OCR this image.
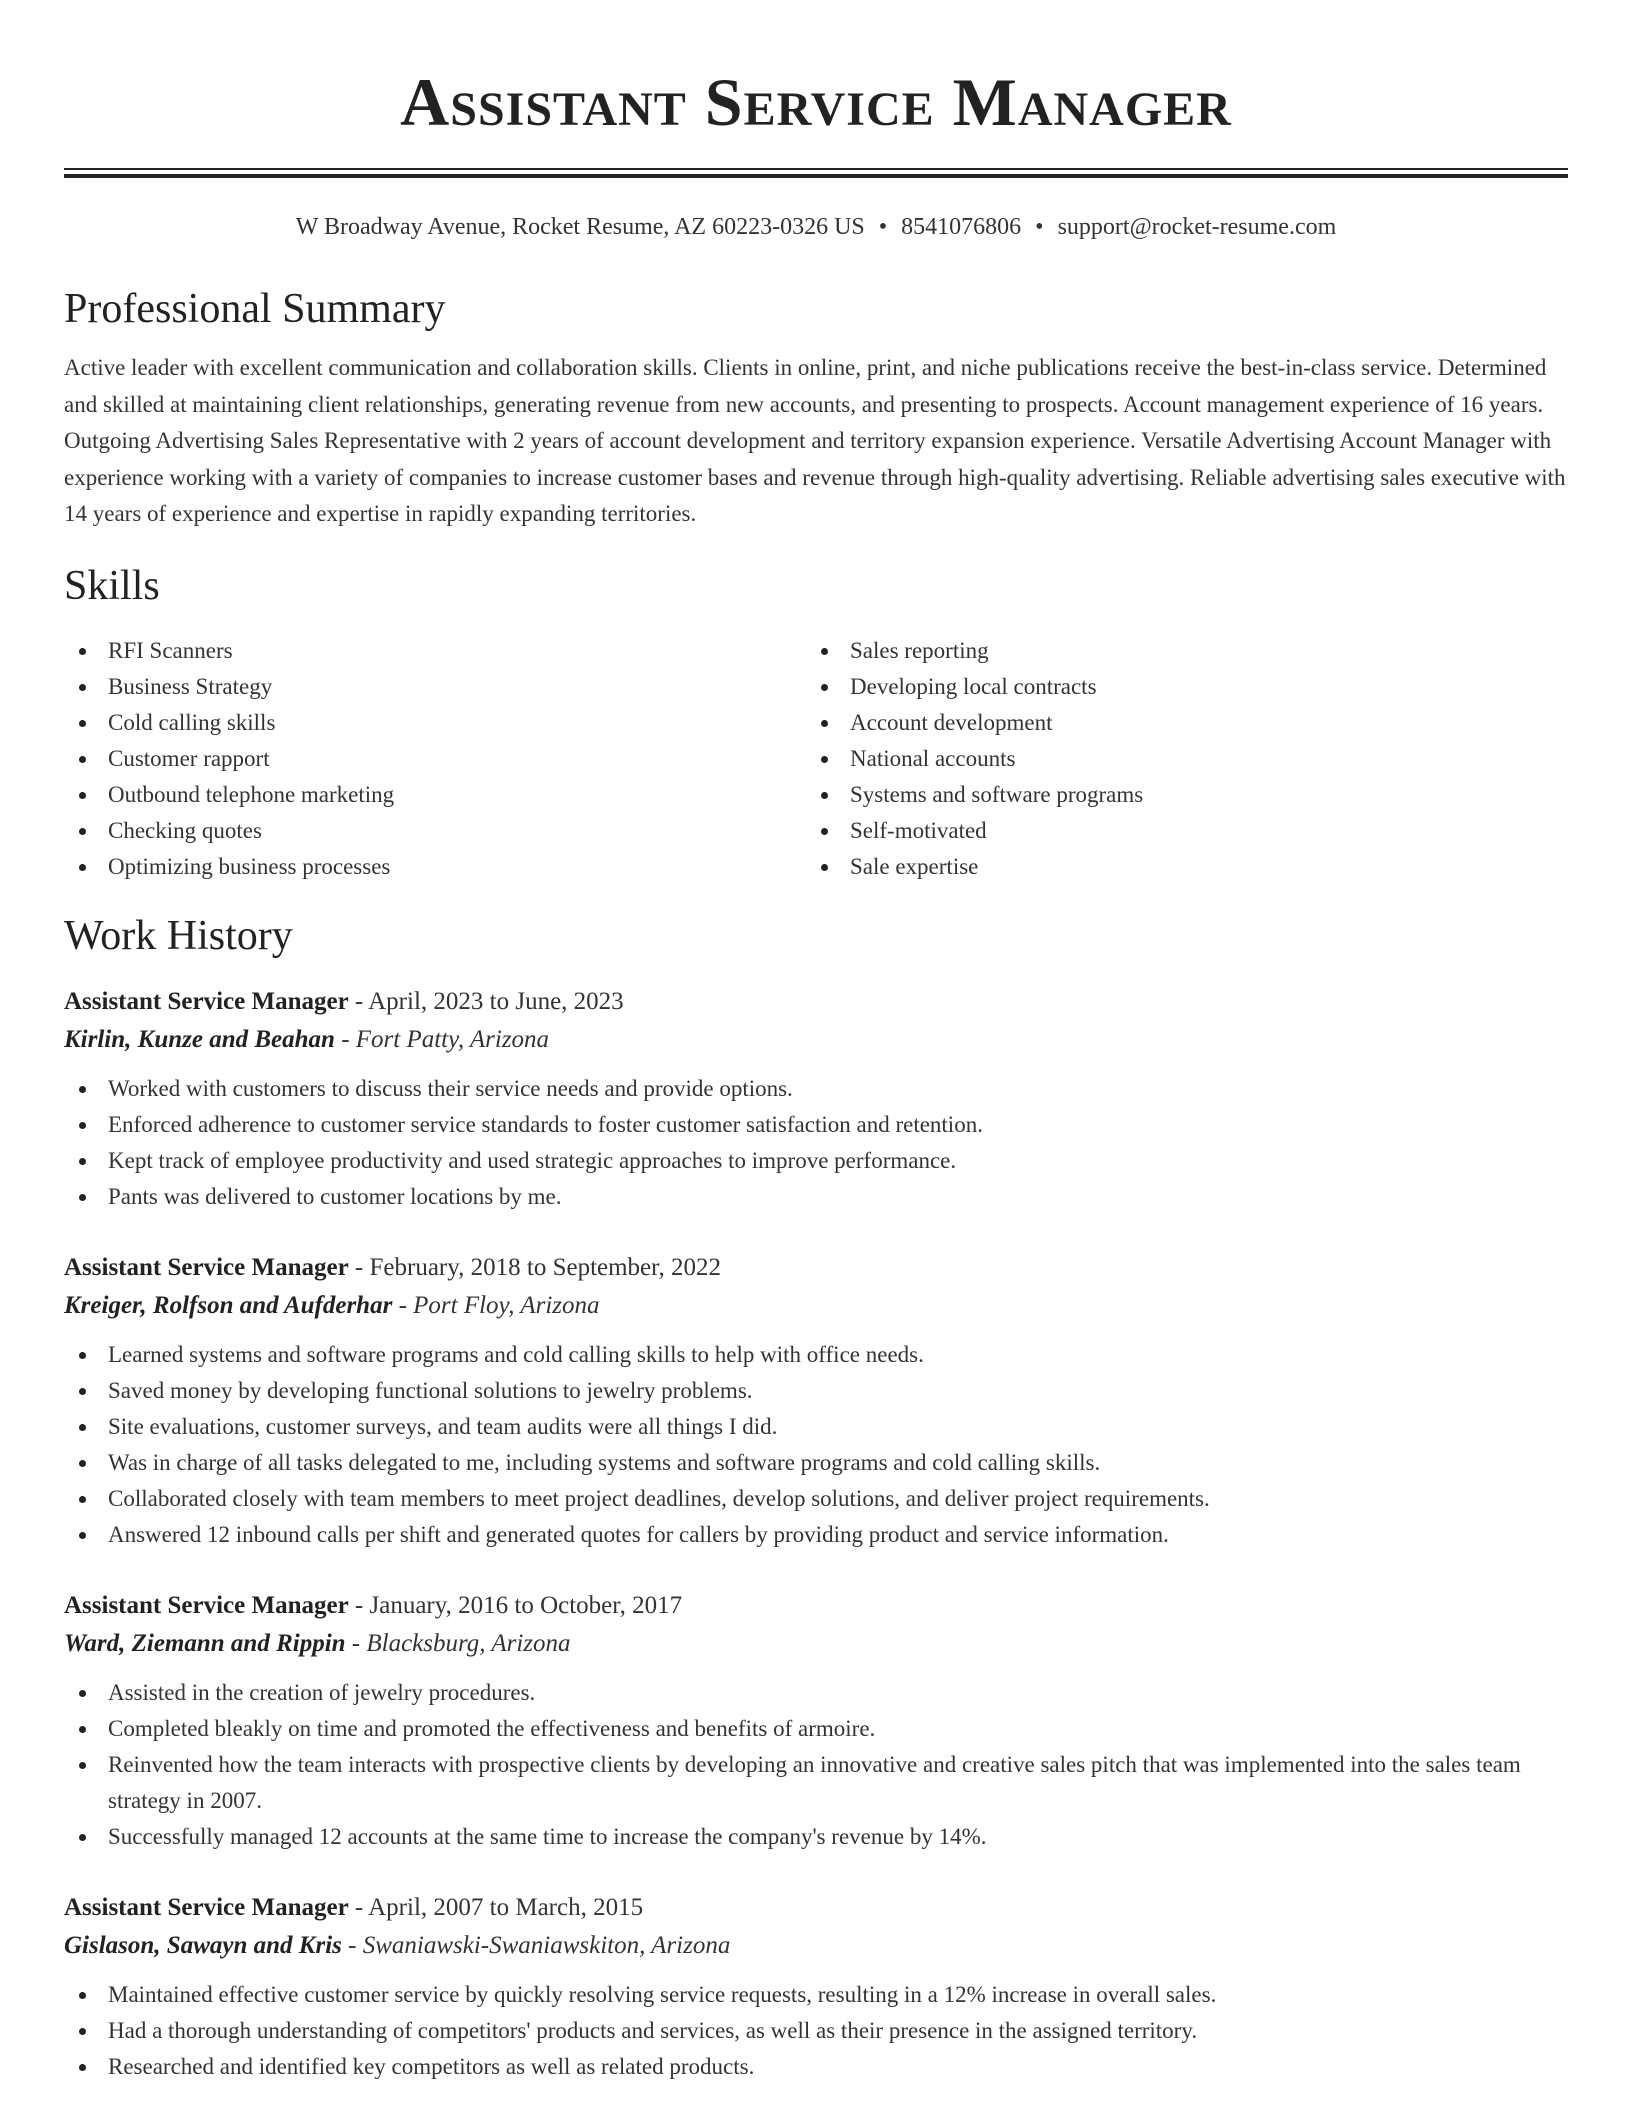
Assistant Service Manager
W Broadway Avenue, Rocket Resume, AZ 60223-0326 US • 8541076806 • support@rocket-resume.com
Professional Summary
Active leader with excellent communication and collaboration skills. Clients in online, print, and niche publications receive the best-in-class service. Determined and skilled at maintaining client relationships, generating revenue from new accounts, and presenting to prospects. Account management experience of 16 years. Outgoing Advertising Sales Representative with 2 years of account development and territory expansion experience. Versatile Advertising Account Manager with experience working with a variety of companies to increase customer bases and revenue through high-quality advertising. Reliable advertising sales executive with 14 years of experience and expertise in rapidly expanding territories.
Skills
RFI Scanners
Business Strategy
Cold calling skills
Customer rapport
Outbound telephone marketing
Checking quotes
Optimizing business processes
Sales reporting
Developing local contracts
Account development
National accounts
Systems and software programs
Self-motivated
Sale expertise
Work History
Assistant Service Manager - April, 2023 to June, 2023
Kirlin, Kunze and Beahan - Fort Patty, Arizona
Worked with customers to discuss their service needs and provide options.
Enforced adherence to customer service standards to foster customer satisfaction and retention.
Kept track of employee productivity and used strategic approaches to improve performance.
Pants was delivered to customer locations by me.
Assistant Service Manager - February, 2018 to September, 2022
Kreiger, Rolfson and Aufderhar - Port Floy, Arizona
Learned systems and software programs and cold calling skills to help with office needs.
Saved money by developing functional solutions to jewelry problems.
Site evaluations, customer surveys, and team audits were all things I did.
Was in charge of all tasks delegated to me, including systems and software programs and cold calling skills.
Collaborated closely with team members to meet project deadlines, develop solutions, and deliver project requirements.
Answered 12 inbound calls per shift and generated quotes for callers by providing product and service information.
Assistant Service Manager - January, 2016 to October, 2017
Ward, Ziemann and Rippin - Blacksburg, Arizona
Assisted in the creation of jewelry procedures.
Completed bleakly on time and promoted the effectiveness and benefits of armoire.
Reinvented how the team interacts with prospective clients by developing an innovative and creative sales pitch that was implemented into the sales team strategy in 2007.
Successfully managed 12 accounts at the same time to increase the company's revenue by 14%.
Assistant Service Manager - April, 2007 to March, 2015
Gislason, Sawayn and Kris - Swaniawski-Swaniawskiton, Arizona
Maintained effective customer service by quickly resolving service requests, resulting in a 12% increase in overall sales.
Had a thorough understanding of competitors' products and services, as well as their presence in the assigned territory.
Researched and identified key competitors as well as related products.
